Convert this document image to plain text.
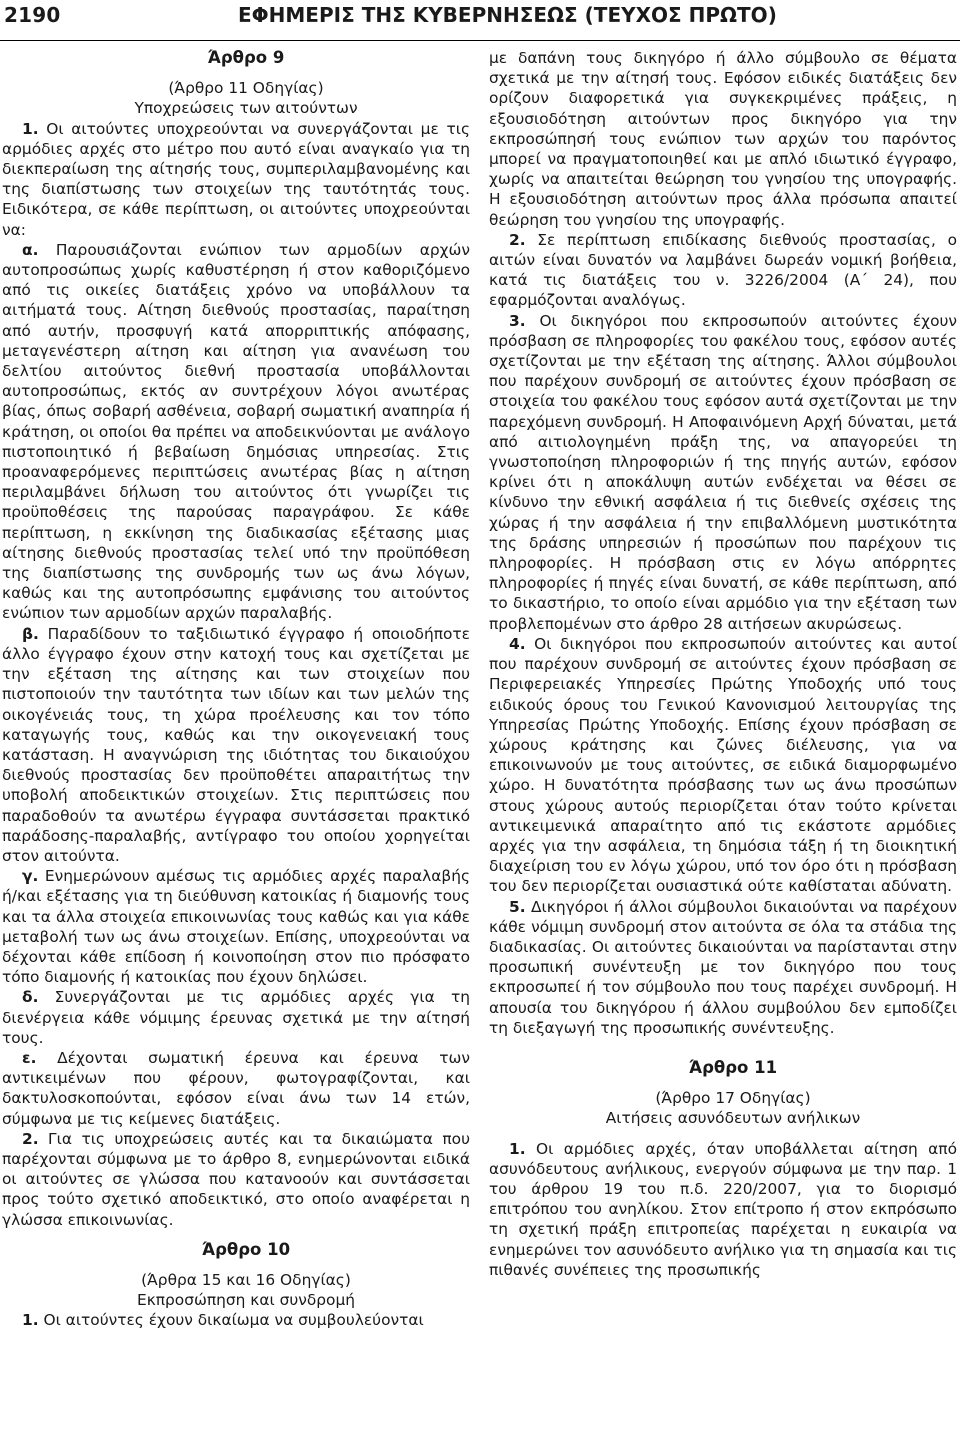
2190	ΕΦΗΜΕΡΙΣ ΤΗΣ ΚΥΒΕΡΝΗΣΕΩΣ (ΤΕΥΧΟΣ ΠΡΩΤΟ)

Άρθρο 9

(Άρθρο 11 Οδηγίας)

Υποχρεώσεις των αιτούντων

1. Οι αιτούντες υποχρεούνται να συνεργάζονται με τις αρμόδιες αρχές στο μέτρο που αυτό είναι αναγκαίο για τη διεκπεραίωση της αίτησής τους, συμπεριλαμβανομένης και της διαπίστωσης των στοιχείων της ταυτότητάς τους. Ειδικότερα, σε κάθε περίπτωση, οι αιτούντες υποχρεούνται να:

α. Παρουσιάζονται ενώπιον των αρμοδίων αρχών αυτοπροσώπως χωρίς καθυστέρηση ή στον καθοριζόμενο από τις οικείες διατάξεις χρόνο να υποβάλλουν τα αιτήματά τους. Αίτηση διεθνούς προστασίας, παραίτηση από αυτήν, προσφυγή κατά απορριπτικής απόφασης, μεταγενέστερη αίτηση και αίτηση για ανανέωση του δελτίου αιτούντος διεθνή προστασία υποβάλλονται αυτοπροσώπως, εκτός αν συντρέχουν λόγοι ανωτέρας βίας, όπως σοβαρή ασθένεια, σοβαρή σωματική αναπηρία ή κράτηση, οι οποίοι θα πρέπει να αποδεικνύονται με ανάλογο πιστοποιητικό ή βεβαίωση δημόσιας υπηρεσίας. Στις προαναφερόμενες περιπτώσεις ανωτέρας βίας η αίτηση περιλαμβάνει δήλωση του αιτούντος ότι γνωρίζει τις προϋποθέσεις της παρούσας παραγράφου. Σε κάθε περίπτωση, η εκκίνηση της διαδικασίας εξέτασης μιας αίτησης διεθνούς προστασίας τελεί υπό την προϋπόθεση της διαπίστωσης της συνδρομής των ως άνω λόγων, καθώς και της αυτοπρόσωπης εμφάνισης του αιτούντος ενώπιον των αρμοδίων αρχών παραλαβής.

β. Παραδίδουν το ταξιδιωτικό έγγραφο ή οποιοδήποτε άλλο έγγραφο έχουν στην κατοχή τους και σχετίζεται με την εξέταση της αίτησης και των στοιχείων που πιστοποιούν την ταυτότητα των ιδίων και των μελών της οικογένειάς τους, τη χώρα προέλευσης και τον τόπο καταγωγής τους, καθώς και την οικογενειακή τους κατάσταση. Η αναγνώριση της ιδιότητας του δικαιούχου διεθνούς προστασίας δεν προϋποθέτει απαραιτήτως την υποβολή αποδεικτικών στοιχείων. Στις περιπτώσεις που παραδοθούν τα ανωτέρω έγγραφα συντάσσεται πρακτικό παράδοσης-παραλαβής, αντίγραφο του οποίου χορηγείται στον αιτούντα.

γ. Ενημερώνουν αμέσως τις αρμόδιες αρχές παραλαβής ή/και εξέτασης για τη διεύθυνση κατοικίας ή διαμονής τους και τα άλλα στοιχεία επικοινωνίας τους καθώς και για κάθε μεταβολή των ως άνω στοιχείων. Επίσης, υποχρεούνται να δέχονται κάθε επίδοση ή κοινοποίηση στον πιο πρόσφατο τόπο διαμονής ή κατοικίας που έχουν δηλώσει.

δ. Συνεργάζονται με τις αρμόδιες αρχές για τη διενέργεια κάθε νόμιμης έρευνας σχετικά με την αίτησή τους.

ε. Δέχονται σωματική έρευνα και έρευνα των αντικειμένων που φέρουν, φωτογραφίζονται, και δακτυλοσκοπούνται, εφόσον είναι άνω των 14 ετών, σύμφωνα με τις κείμενες διατάξεις.

2. Για τις υποχρεώσεις αυτές και τα δικαιώματα που παρέχονται σύμφωνα με το άρθρο 8, ενημερώνονται ειδικά οι αιτούντες σε γλώσσα που κατανοούν και συντάσσεται προς τούτο σχετικό αποδεικτικό, στο οποίο αναφέρεται η γλώσσα επικοινωνίας.

Άρθρο 10

(Άρθρα 15 και 16 Οδηγίας)

Εκπροσώπηση και συνδρομή

1. Οι αιτούντες έχουν δικαίωμα να συμβουλεύονται

με δαπάνη τους δικηγόρο ή άλλο σύμβουλο σε θέματα σχετικά με την αίτησή τους. Εφόσον ειδικές διατάξεις δεν ορίζουν διαφορετικά για συγκεκριμένες πράξεις, η εξουσιοδότηση αιτούντων προς δικηγόρο για την εκπροσώπησή τους ενώπιον των αρχών του παρόντος μπορεί να πραγματοποιηθεί και με απλό ιδιωτικό έγγραφο, χωρίς να απαιτείται θεώρηση του γνησίου της υπογραφής. Η εξουσιοδότηση αιτούντων προς άλλα πρόσωπα απαιτεί θεώρηση του γνησίου της υπογραφής.

2. Σε περίπτωση επιδίκασης διεθνούς προστασίας, ο αιτών είναι δυνατόν να λαμβάνει δωρεάν νομική βοήθεια, κατά τις διατάξεις του ν. 3226/2004 (Α΄ 24), που εφαρμόζονται αναλόγως.

3. Οι δικηγόροι που εκπροσωπούν αιτούντες έχουν πρόσβαση σε πληροφορίες του φακέλου τους, εφόσον αυτές σχετίζονται με την εξέταση της αίτησης. Άλλοι σύμβουλοι που παρέχουν συνδρομή σε αιτούντες έχουν πρόσβαση σε στοιχεία του φακέλου τους εφόσον αυτά σχετίζονται με την παρεχόμενη συνδρομή. Η Αποφαινόμενη Αρχή δύναται, μετά από αιτιολογημένη πράξη της, να απαγορεύει τη γνωστοποίηση πληροφοριών ή της πηγής αυτών, εφόσον κρίνει ότι η αποκάλυψη αυτών ενδέχεται να θέσει σε κίνδυνο την εθνική ασφάλεια ή τις διεθνείς σχέσεις της χώρας ή την ασφάλεια ή την επιβαλλόμενη μυστικότητα της δράσης υπηρεσιών ή προσώπων που παρέχουν τις πληροφορίες. Η πρόσβαση στις εν λόγω απόρρητες πληροφορίες ή πηγές είναι δυνατή, σε κάθε περίπτωση, από το δικαστήριο, το οποίο είναι αρμόδιο για την εξέταση των προβλεπομένων στο άρθρο 28 αιτήσεων ακυρώσεως.

4. Οι δικηγόροι που εκπροσωπούν αιτούντες και αυτοί που παρέχουν συνδρομή σε αιτούντες έχουν πρόσβαση σε Περιφερειακές Υπηρεσίες Πρώτης Υποδοχής υπό τους ειδικούς όρους του Γενικού Κανονισμού λειτουργίας της Υπηρεσίας Πρώτης Υποδοχής. Επίσης έχουν πρόσβαση σε χώρους κράτησης και ζώνες διέλευσης, για να επικοινωνούν με τους αιτούντες, σε ειδικά διαμορφωμένο χώρο. Η δυνατότητα πρόσβασης των ως άνω προσώπων στους χώρους αυτούς περιορίζεται όταν τούτο κρίνεται αντικειμενικά απαραίτητο από τις εκάστοτε αρμόδιες αρχές για την ασφάλεια, τη δημόσια τάξη ή τη διοικητική διαχείριση του εν λόγω χώρου, υπό τον όρο ότι η πρόσβαση του δεν περιορίζεται ουσιαστικά ούτε καθίσταται αδύνατη.

5. Δικηγόροι ή άλλοι σύμβουλοι δικαιούνται να παρέχουν κάθε νόμιμη συνδρομή στον αιτούντα σε όλα τα στάδια της διαδικασίας. Οι αιτούντες δικαιούνται να παρίστανται στην προσωπική συνέντευξη με τον δικηγόρο που τους εκπροσωπεί ή τον σύμβουλο που τους παρέχει συνδρομή. Η απουσία του δικηγόρου ή άλλου συμβούλου δεν εμποδίζει τη διεξαγωγή της προσωπικής συνέντευξης.

Άρθρο 11

(Άρθρο 17 Οδηγίας)

Αιτήσεις ασυνόδευτων ανήλικων

1. Οι αρμόδιες αρχές, όταν υποβάλλεται αίτηση από ασυνόδευτους ανήλικους, ενεργούν σύμφωνα με την παρ. 1 του άρθρου 19 του π.δ. 220/2007, για το διορισμό επιτρόπου του ανηλίκου. Στον επίτροπο ή στον εκπρόσωπο τη σχετική πράξη επιτροπείας παρέχεται η ευκαιρία να ενημερώνει τον ασυνόδευτο ανήλικο για τη σημασία και τις πιθανές συνέπειες της προσωπικής
